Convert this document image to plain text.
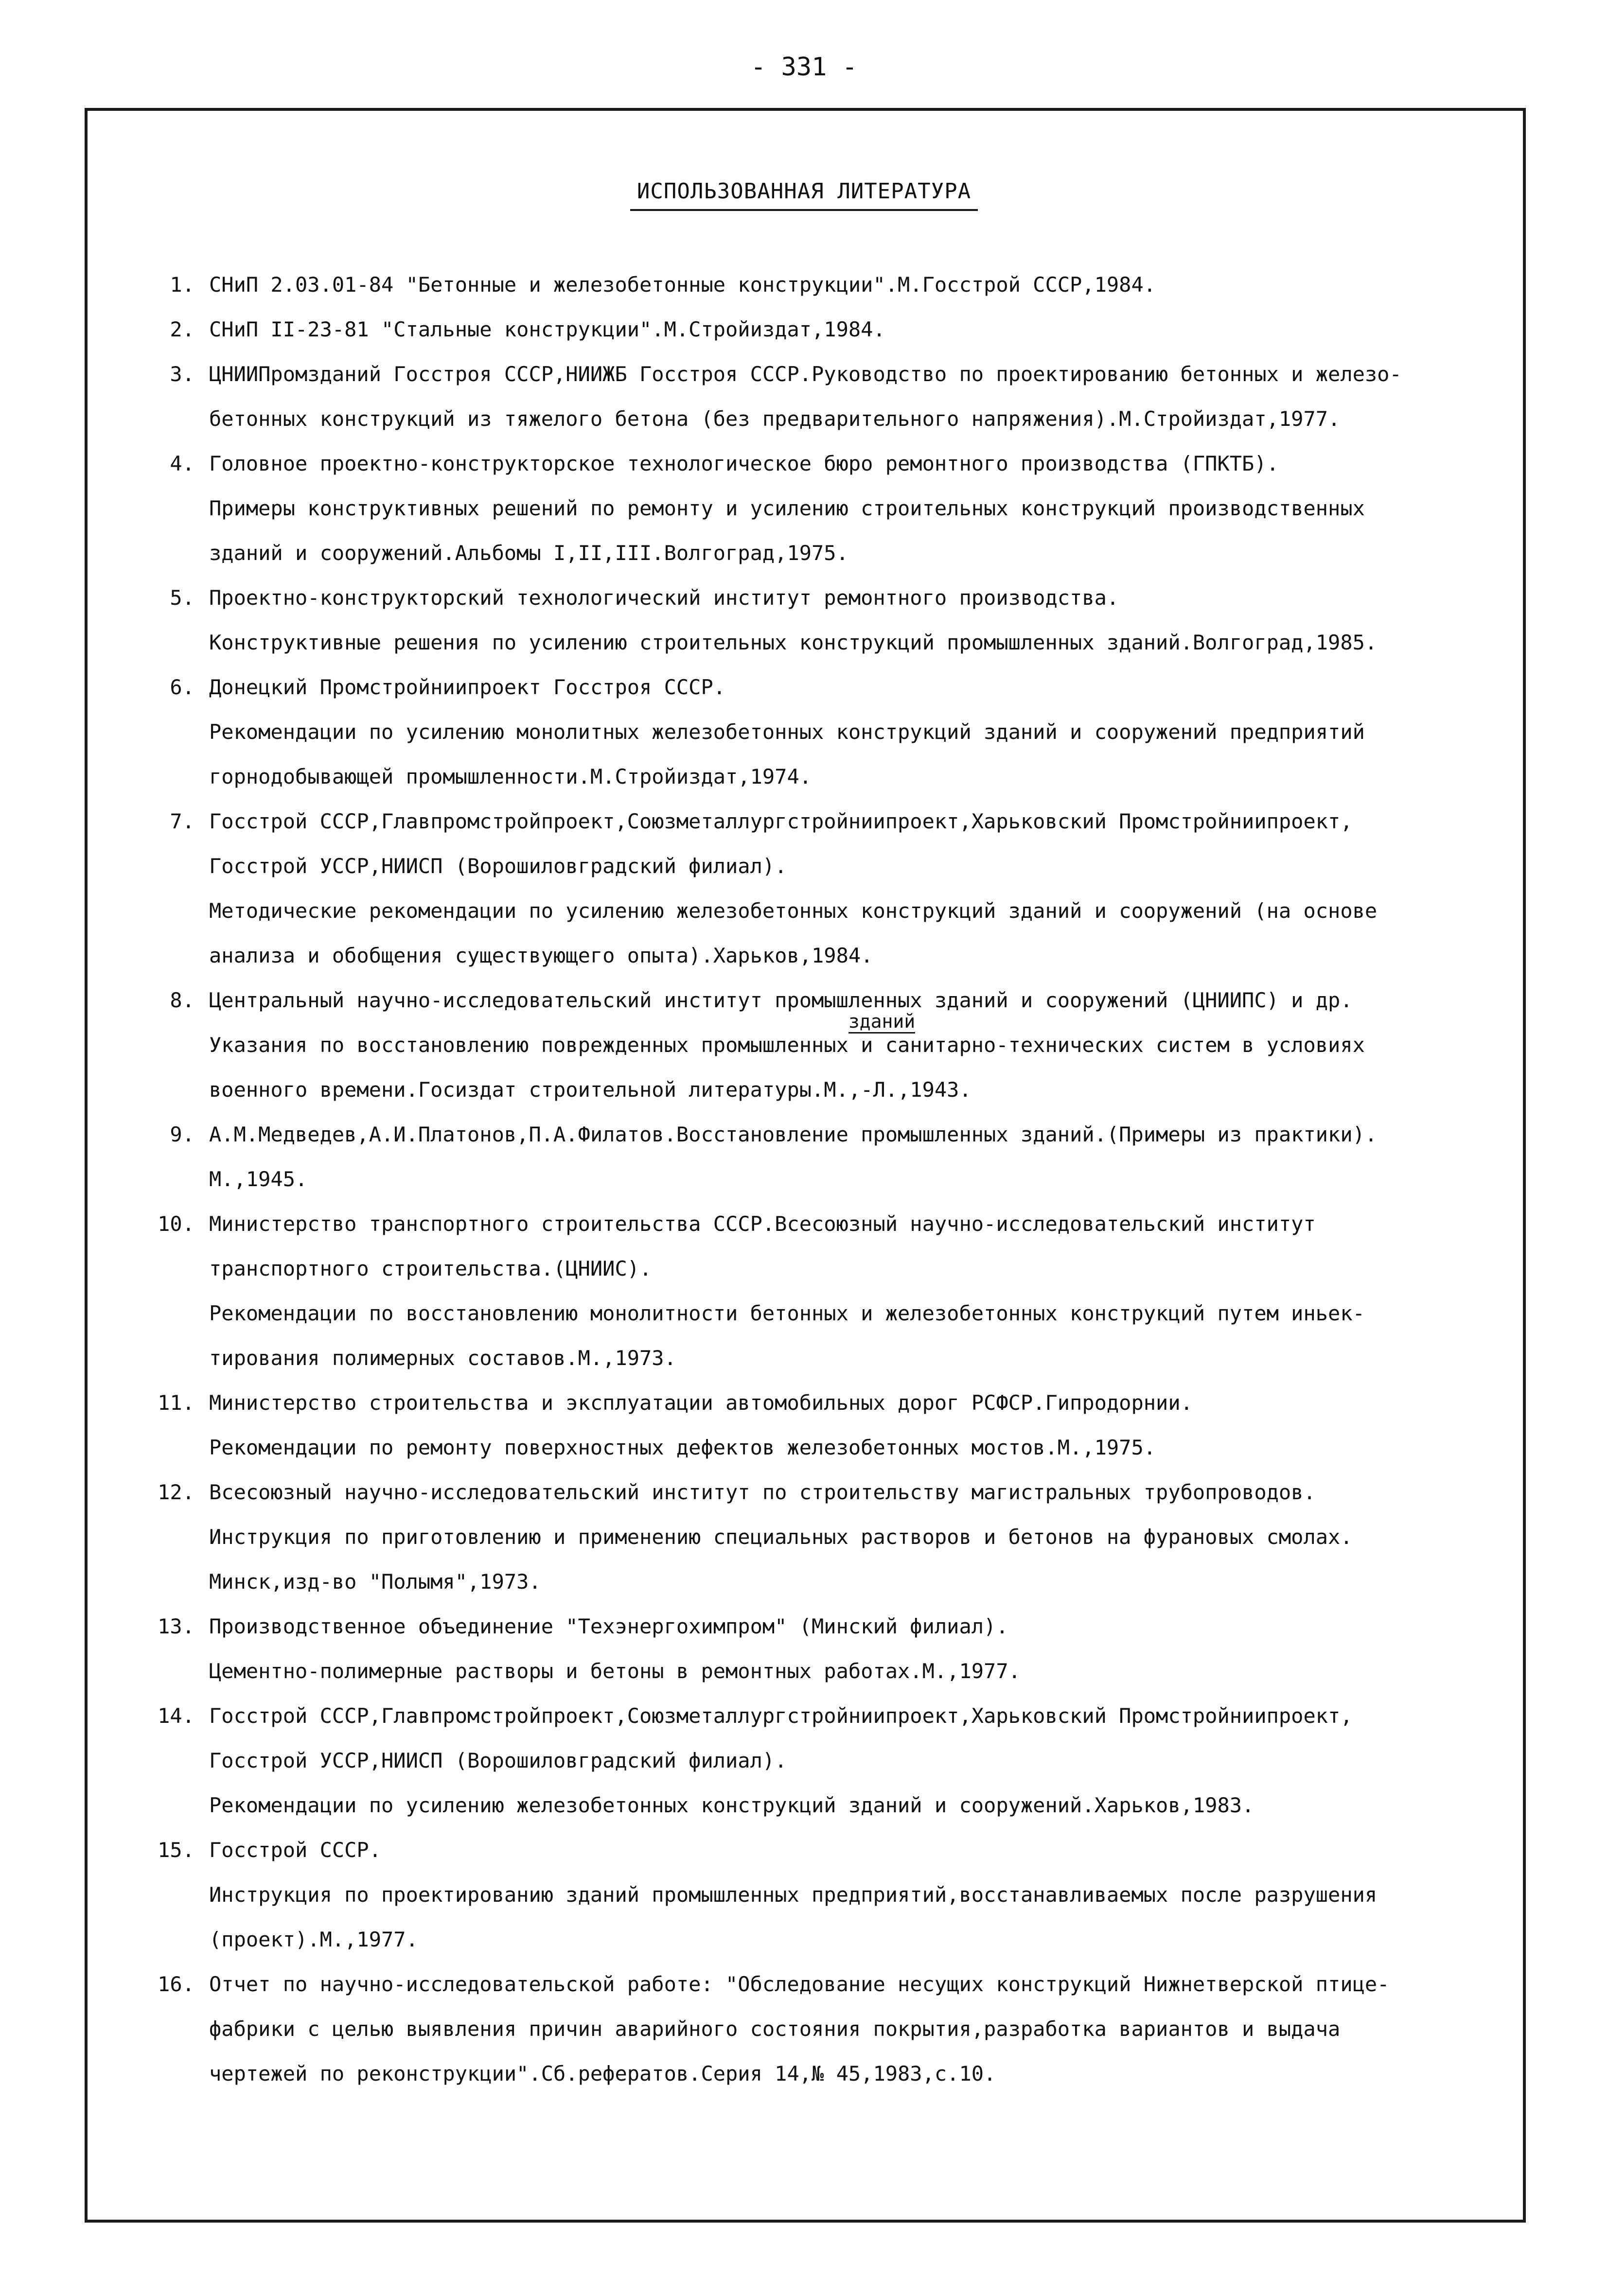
- 331 -
ИСПОЛЬЗОВАННАЯ ЛИТЕРАТУРА
1. СНиП 2.03.01-84 "Бетонные и железобетонные конструкции".М.Госстрой СССР,1984.
2. СНиП II-23-81 "Стальные конструкции".М.Стройиздат,1984.
3. ЦНИИПромзданий Госстроя СССР,НИИЖБ Госстроя СССР.Руководство по проектированию бетонных и железо-
бетонных конструкций из тяжелого бетона (без предварительного напряжения).М.Стройиздат,1977.
4. Головное проектно-конструкторское технологическое бюро ремонтного производства (ГПКТБ).
Примеры конструктивных решений по ремонту и усилению строительных конструкций производственных
зданий и сооружений.Альбомы I,II,III.Волгоград,1975.
5. Проектно-конструкторский технологический институт ремонтного производства.
Конструктивные решения по усилению строительных конструкций промышленных зданий.Волгоград,1985.
6. Донецкий Промстройниипроект Госстроя СССР.
Рекомендации по усилению монолитных железобетонных конструкций зданий и сооружений предприятий
горнодобывающей промышленности.М.Стройиздат,1974.
7. Госстрой СССР,Главпромстройпроект,Союзметаллургстройниипроект,Харьковский Промстройниипроект,
Госстрой УССР,НИИСП (Ворошиловградский филиал).
Методические рекомендации по усилению железобетонных конструкций зданий и сооружений (на основе
анализа и обобщения существующего опыта).Харьков,1984.
8. Центральный научно-исследовательский институт промышленных зданий и сооружений (ЦНИИПС) и др.
Указания по восстановлению поврежденных промышленных
зданий
и санитарно-технических систем в условиях
военного времени.Госиздат строительной литературы.М.,-Л.,1943.
9. А.М.Медведев,А.И.Платонов,П.А.Филатов.Восстановление промышленных зданий.(Примеры из практики).
М.,1945.
10. Министерство транспортного строительства СССР.Всесоюзный научно-исследовательский институт
транспортного строительства.(ЦНИИС).
Рекомендации по восстановлению монолитности бетонных и железобетонных конструкций путем иньек-
тирования полимерных составов.М.,1973.
11. Министерство строительства и эксплуатации автомобильных дорог РСФСР.Гипродорнии.
Рекомендации по ремонту поверхностных дефектов железобетонных мостов.М.,1975.
12. Всесоюзный научно-исследовательский институт по строительству магистральных трубопроводов.
Инструкция по приготовлению и применению специальных растворов и бетонов на фурановых смолах.
Минск,изд-во "Полымя",1973.
13. Производственное объединение "Техэнергохимпром" (Минский филиал).
Цементно-полимерные растворы и бетоны в ремонтных работах.М.,1977.
14. Госстрой СССР,Главпромстройпроект,Союзметаллургстройниипроект,Харьковский Промстройниипроект,
Госстрой УССР,НИИСП (Ворошиловградский филиал).
Рекомендации по усилению железобетонных конструкций зданий и сооружений.Харьков,1983.
15. Госстрой СССР.
Инструкция по проектированию зданий промышленных предприятий,восстанавливаемых после разрушения
(проект).М.,1977.
16. Отчет по научно-исследовательской работе: "Обследование несущих конструкций Нижнетверской птице-
фабрики с целью выявления причин аварийного состояния покрытия,разработка вариантов и выдача
чертежей по реконструкции".Сб.рефератов.Серия 14,№ 45,1983,с.10.
